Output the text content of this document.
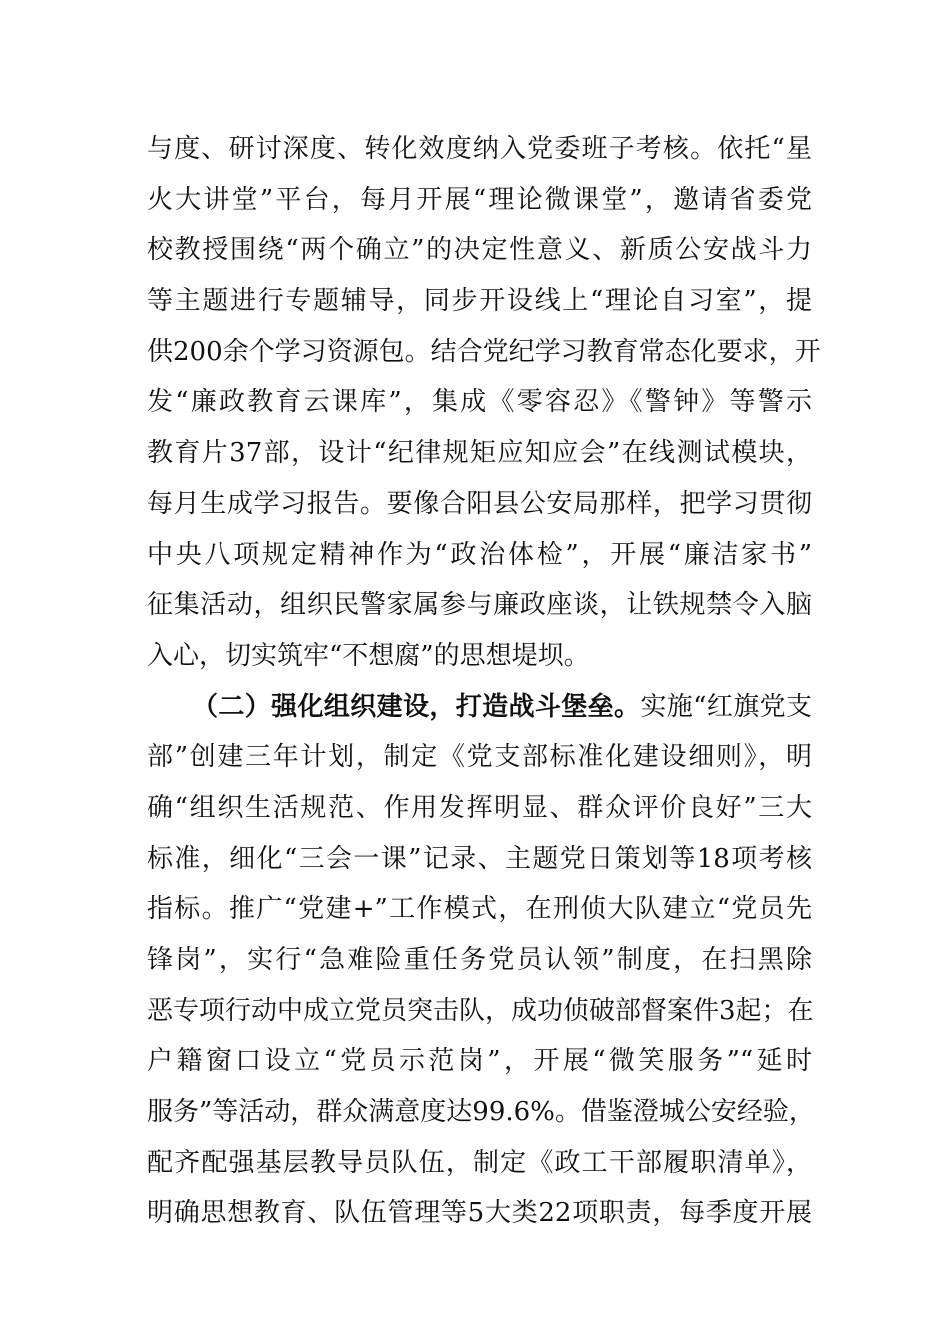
与度、研讨深度、转化效度纳入党委班子考核。依托“星
火大讲堂”平台，每月开展“理论微课堂”，邀请省委党
校教授围绕“两个确立”的决定性意义、新质公安战斗力
等主题进行专题辅导，同步开设线上“理论自习室”，提
供200余个学习资源包。结合党纪学习教育常态化要求，开
发“廉政教育云课库”，集成《零容忍》《警钟》等警示
教育片37部，设计“纪律规矩应知应会”在线测试模块，
每月生成学习报告。要像合阳县公安局那样，把学习贯彻
中央八项规定精神作为“政治体检”，开展“廉洁家书”
征集活动，组织民警家属参与廉政座谈，让铁规禁令入脑
入心，切实筑牢“不想腐”的思想堤坝。
（二）强化组织建设，打造战斗堡垒。实施“红旗党支
部”创建三年计划，制定《党支部标准化建设细则》，明
确“组织生活规范、作用发挥明显、群众评价良好”三大
标准，细化“三会一课”记录、主题党日策划等18项考核
指标。推广“党建+”工作模式，在刑侦大队建立“党员先
锋岗”，实行“急难险重任务党员认领”制度，在扫黑除
恶专项行动中成立党员突击队，成功侦破部督案件3起；在
户籍窗口设立“党员示范岗”，开展“微笑服务”“延时
服务”等活动，群众满意度达99.6%。借鉴澄城公安经验，
配齐配强基层教导员队伍，制定《政工干部履职清单》，
明确思想教育、队伍管理等5大类22项职责，每季度开展
